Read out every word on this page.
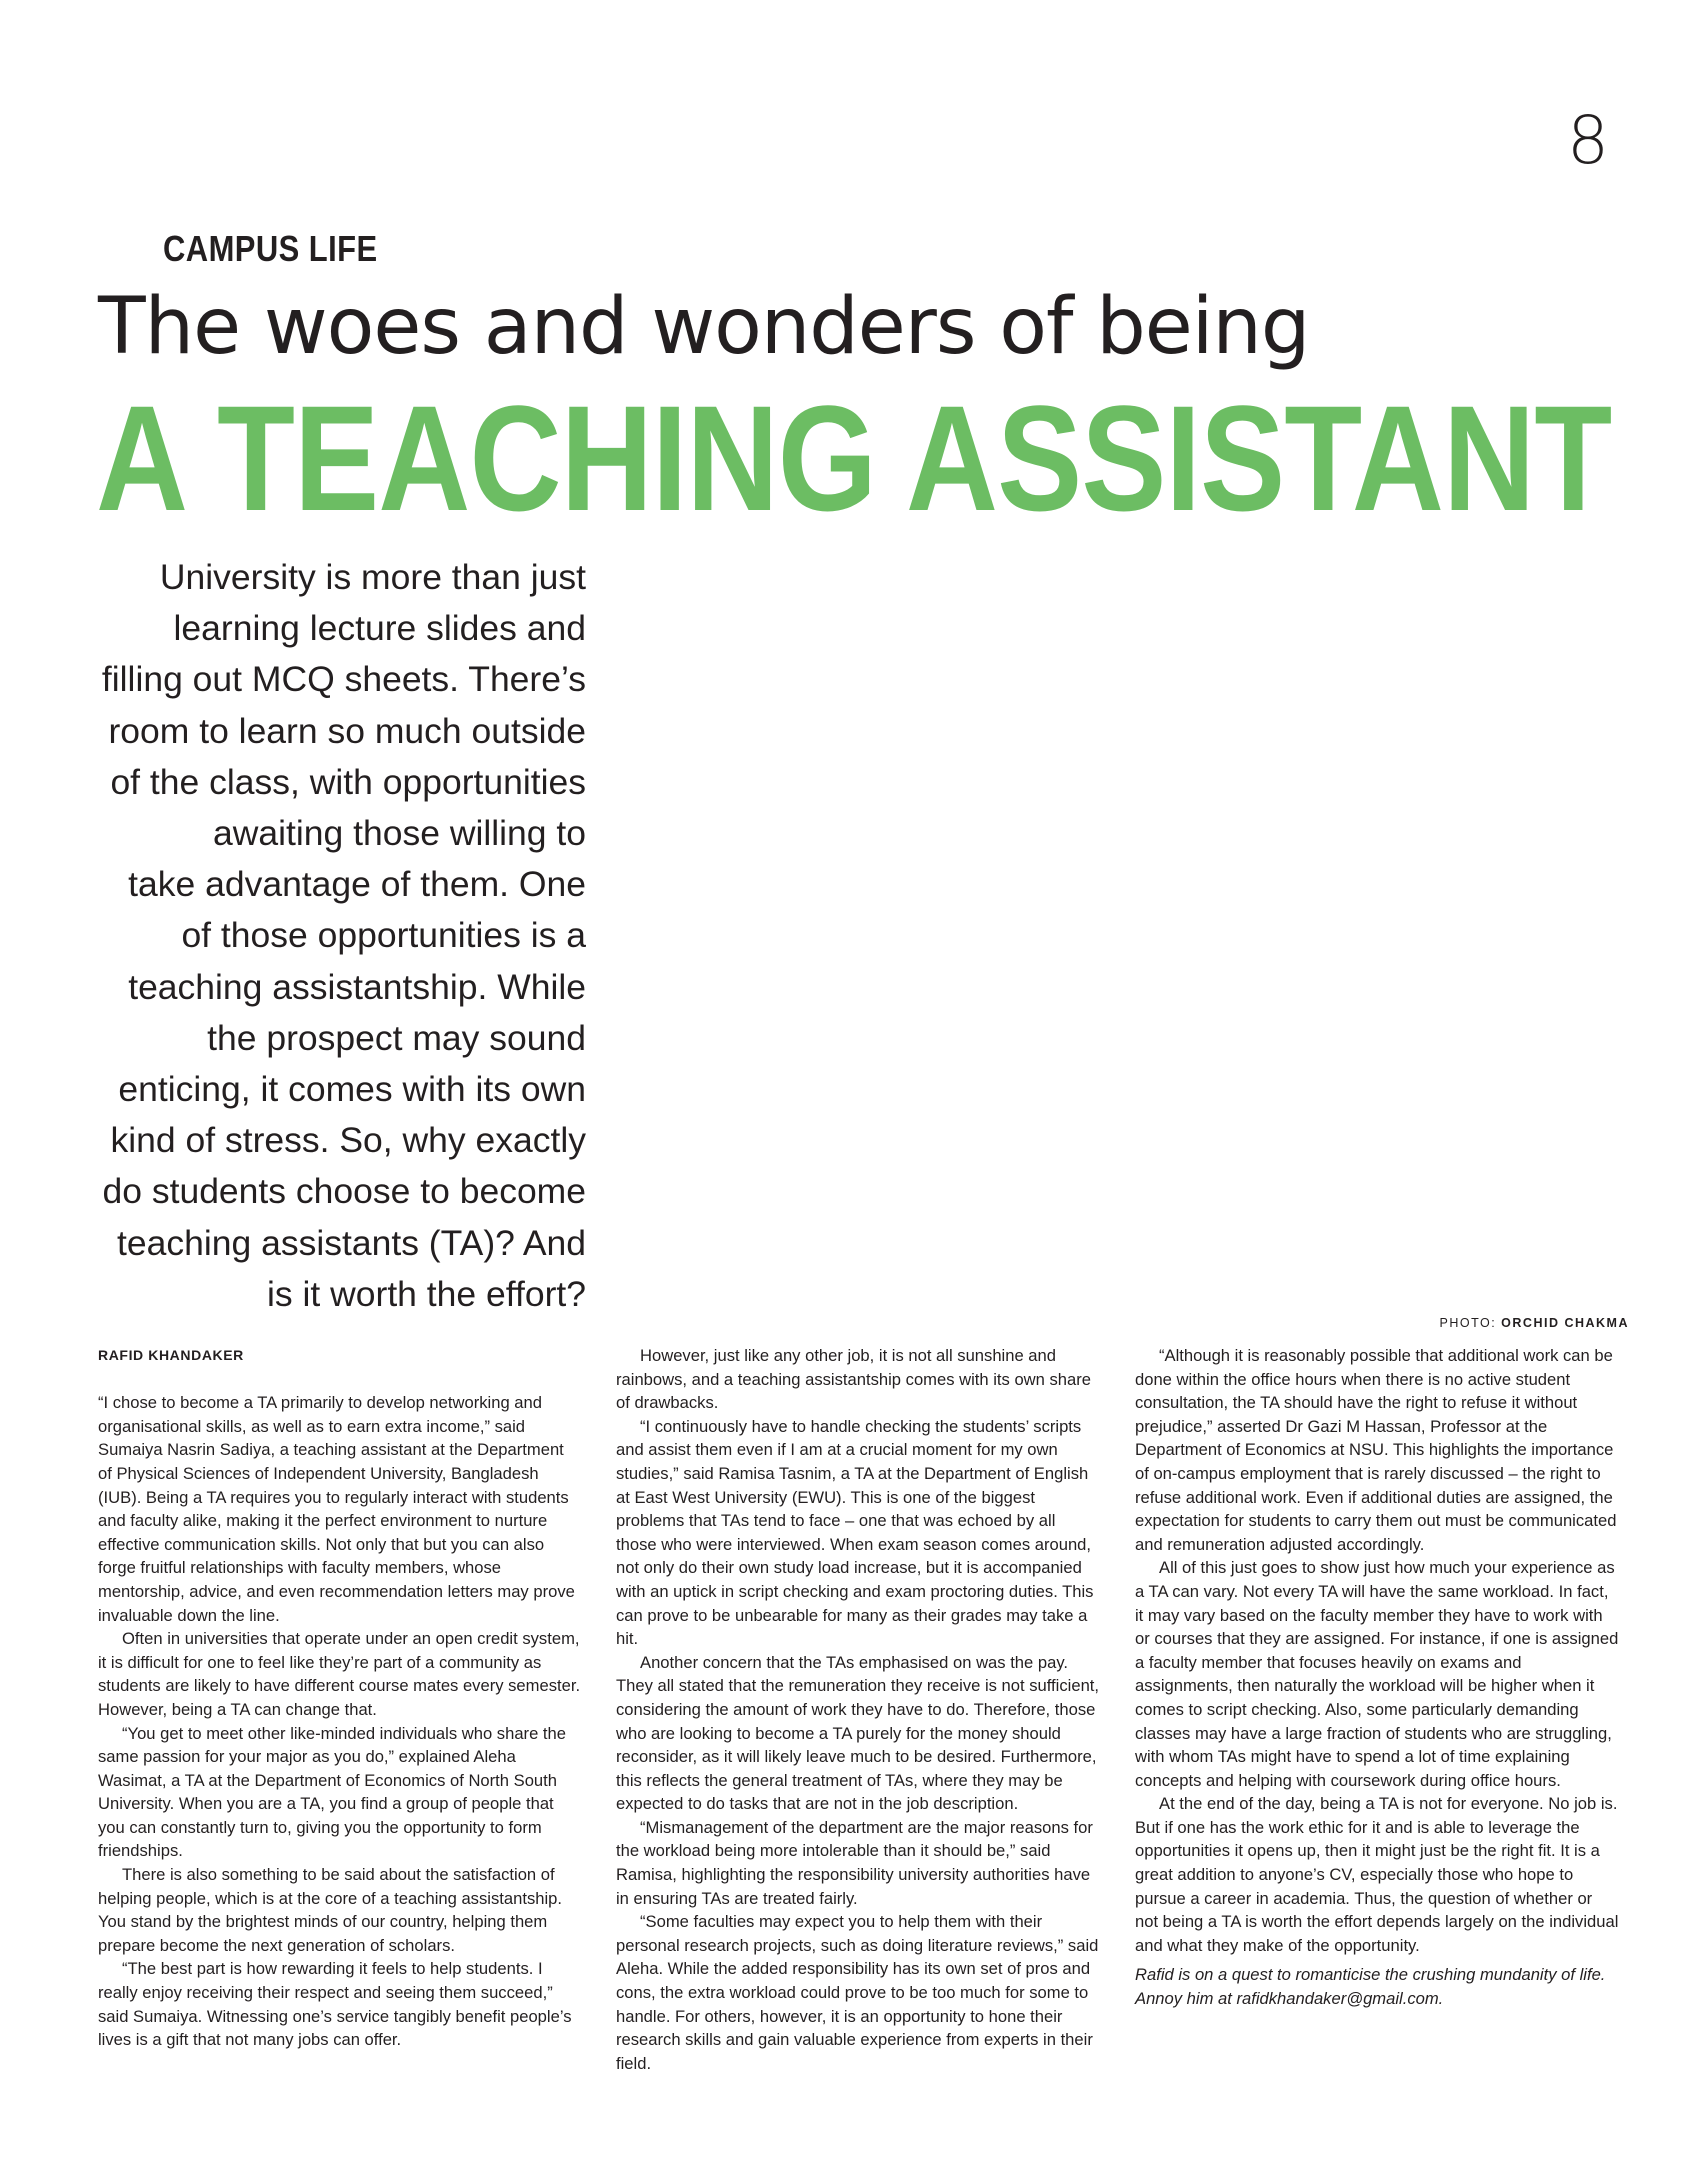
8
CAMPUS LIFE
The woes and wonders of being
A TEACHING ASSISTANT
University is more than just
learning lecture slides and
filling out MCQ sheets. There’s
room to learn so much outside
of the class, with opportunities
awaiting those willing to
take advantage of them. One
of those opportunities is a
teaching assistantship. While
the prospect may sound
enticing, it comes with its own
kind of stress. So, why exactly
do students choose to become
teaching assistants (TA)? And
is it worth the effort?
PHOTO: ORCHID CHAKMA

RAFID KHANDAKER

“I chose to become a TA primarily to develop networking and organisational skills, as well as to earn extra income,” said Sumaiya Nasrin Sadiya, a teaching assistant at the Department of Physical Sciences of Independent University, Bangladesh (IUB). Being a TA requires you to regularly interact with students and faculty alike, making it the perfect environment to nurture effective communication skills. Not only that but you can also forge fruitful relationships with faculty members, whose mentorship, advice, and even recommendation letters may prove invaluable down the line.

Often in universities that operate under an open credit system, it is difficult for one to feel like they’re part of a community as students are likely to have different course mates every semester. However, being a TA can change that.

“You get to meet other like-minded individuals who share the same passion for your major as you do,” explained Aleha Wasimat, a TA at the Department of Economics of North South University. When you are a TA, you find a group of people that you can constantly turn to, giving you the opportunity to form friendships.

There is also something to be said about the satisfaction of helping people, which is at the core of a teaching assistantship. You stand by the brightest minds of our country, helping them prepare become the next generation of scholars.

“The best part is how rewarding it feels to help students. I really enjoy receiving their respect and seeing them succeed,” said Sumaiya. Witnessing one’s service tangibly benefit people’s lives is a gift that not many jobs can offer.

However, just like any other job, it is not all sunshine and rainbows, and a teaching assistantship comes with its own share of drawbacks.

“I continuously have to handle checking the students’ scripts and assist them even if I am at a crucial moment for my own studies,” said Ramisa Tasnim, a TA at the Department of English at East West University (EWU). This is one of the biggest problems that TAs tend to face – one that was echoed by all those who were interviewed. When exam season comes around, not only do their own study load increase, but it is accompanied with an uptick in script checking and exam proctoring duties. This can prove to be unbearable for many as their grades may take a hit.

Another concern that the TAs emphasised on was the pay. They all stated that the remuneration they receive is not sufficient, considering the amount of work they have to do. Therefore, those who are looking to become a TA purely for the money should reconsider, as it will likely leave much to be desired. Furthermore, this reflects the general treatment of TAs, where they may be expected to do tasks that are not in the job description.

“Mismanagement of the department are the major reasons for the workload being more intolerable than it should be,” said Ramisa, highlighting the responsibility university authorities have in ensuring TAs are treated fairly.

“Some faculties may expect you to help them with their personal research projects, such as doing literature reviews,” said Aleha. While the added responsibility has its own set of pros and cons, the extra workload could prove to be too much for some to handle. For others, however, it is an opportunity to hone their research skills and gain valuable experience from experts in their field.

“Although it is reasonably possible that additional work can be done within the office hours when there is no active student consultation, the TA should have the right to refuse it without prejudice,” asserted Dr Gazi M Hassan, Professor at the Department of Economics at NSU. This highlights the importance of on-campus employment that is rarely discussed – the right to refuse additional work. Even if additional duties are assigned, the expectation for students to carry them out must be communicated and remuneration adjusted accordingly.

All of this just goes to show just how much your experience as a TA can vary. Not every TA will have the same workload. In fact, it may vary based on the faculty member they have to work with or courses that they are assigned. For instance, if one is assigned a faculty member that focuses heavily on exams and assignments, then naturally the workload will be higher when it comes to script checking. Also, some particularly demanding classes may have a large fraction of students who are struggling, with whom TAs might have to spend a lot of time explaining concepts and helping with coursework during office hours.

At the end of the day, being a TA is not for everyone. No job is. But if one has the work ethic for it and is able to leverage the opportunities it opens up, then it might just be the right fit. It is a great addition to anyone’s CV, especially those who hope to pursue a career in academia. Thus, the question of whether or not being a TA is worth the effort depends largely on the individual and what they make of the opportunity.

Rafid is on a quest to romanticise the crushing mundanity of life. Annoy him at rafidkhandaker@gmail.com.
